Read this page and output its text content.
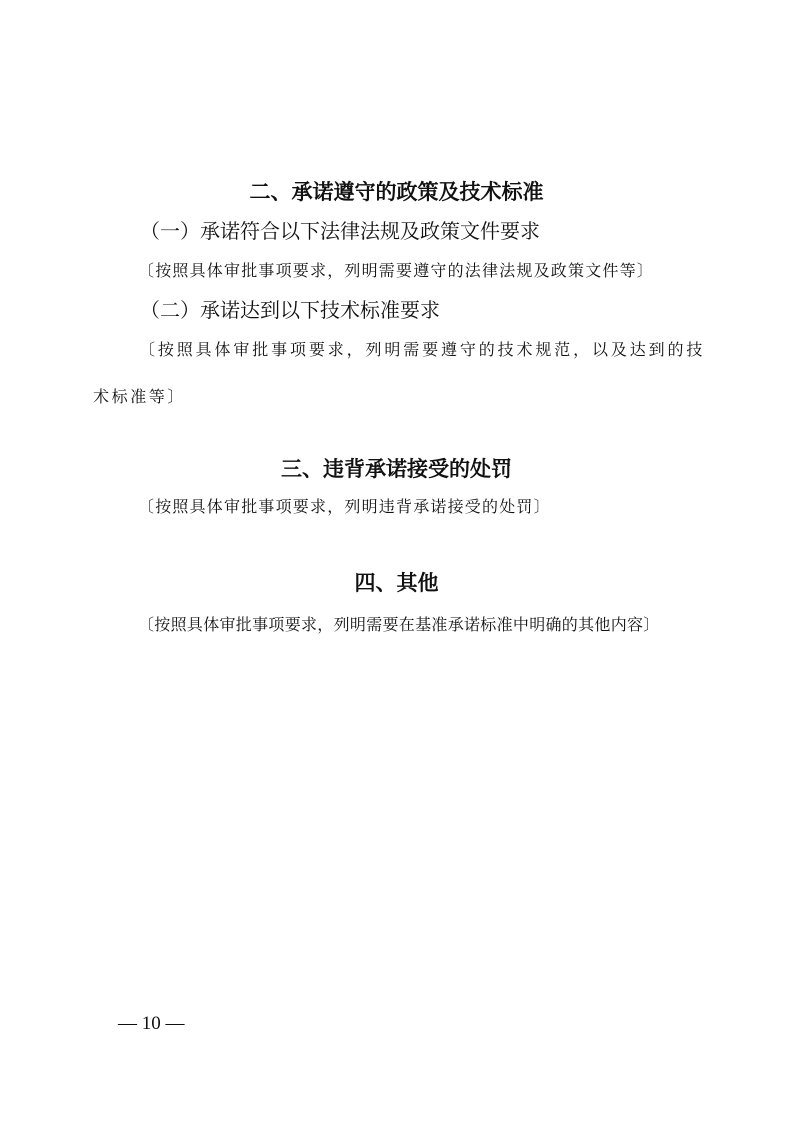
二、承诺遵守的政策及技术标准
（一）承诺符合以下法律法规及政策文件要求
〔按照具体审批事项要求，列明需要遵守的法律法规及政策文件等〕
（二）承诺达到以下技术标准要求
〔按照具体审批事项要求，列明需要遵守的技术规范，以及达到的技术标准等〕
三、违背承诺接受的处罚
〔按照具体审批事项要求，列明违背承诺接受的处罚〕
四、其他
〔按照具体审批事项要求，列明需要在基准承诺标准中明确的其他内容〕
— 10 —
